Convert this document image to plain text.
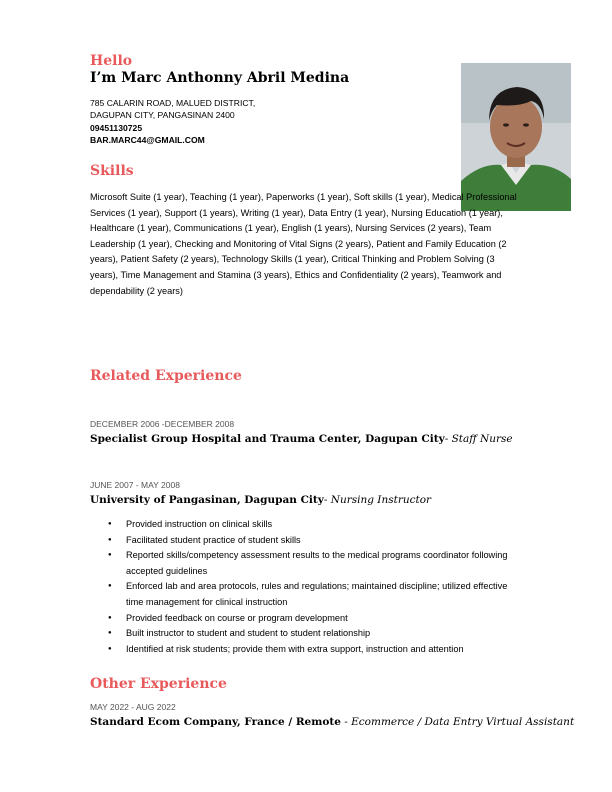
Hello
I’m Marc Anthonny Abril Medina
785 CALARIN ROAD, MALUED DISTRICT,
DAGUPAN CITY, PANGASINAN 2400
09451130725
BAR.MARC44@GMAIL.COM
Skills
Microsoft Suite (1 year), Teaching (1 year), Paperworks (1 year), Soft skills (1 year), Medical Professional Services (1 year), Support (1 years), Writing (1 year), Data Entry (1 year), Nursing Education (1 year), Healthcare (1 year), Communications (1 year), English (1 years), Nursing Services (2 years), Team Leadership (1 year), Checking and Monitoring of Vital Signs (2 years), Patient and Family Education (2 years), Patient Safety (2 years), Technology Skills (1 year), Critical Thinking and Problem Solving (3 years), Time Management and Stamina (3 years), Ethics and Confidentiality (2 years), Teamwork and dependability (2 years)
Related Experience
DECEMBER 2006 -DECEMBER 2008
Specialist Group Hospital and Trauma Center, Dagupan City- Staff Nurse
JUNE 2007 - MAY 2008
University of Pangasinan, Dagupan City- Nursing Instructor
● Provided instruction on clinical skills
● Facilitated student practice of student skills
● Reported skills/competency assessment results to the medical programs coordinator following accepted guidelines
● Enforced lab and area protocols, rules and regulations; maintained discipline; utilized effective time management for clinical instruction
● Provided feedback on course or program development
● Built instructor to student and student to student relationship
● Identified at risk students; provide them with extra support, instruction and attention
Other Experience
MAY 2022 - AUG 2022
Standard Ecom Company, France / Remote - Ecommerce / Data Entry Virtual Assistant
